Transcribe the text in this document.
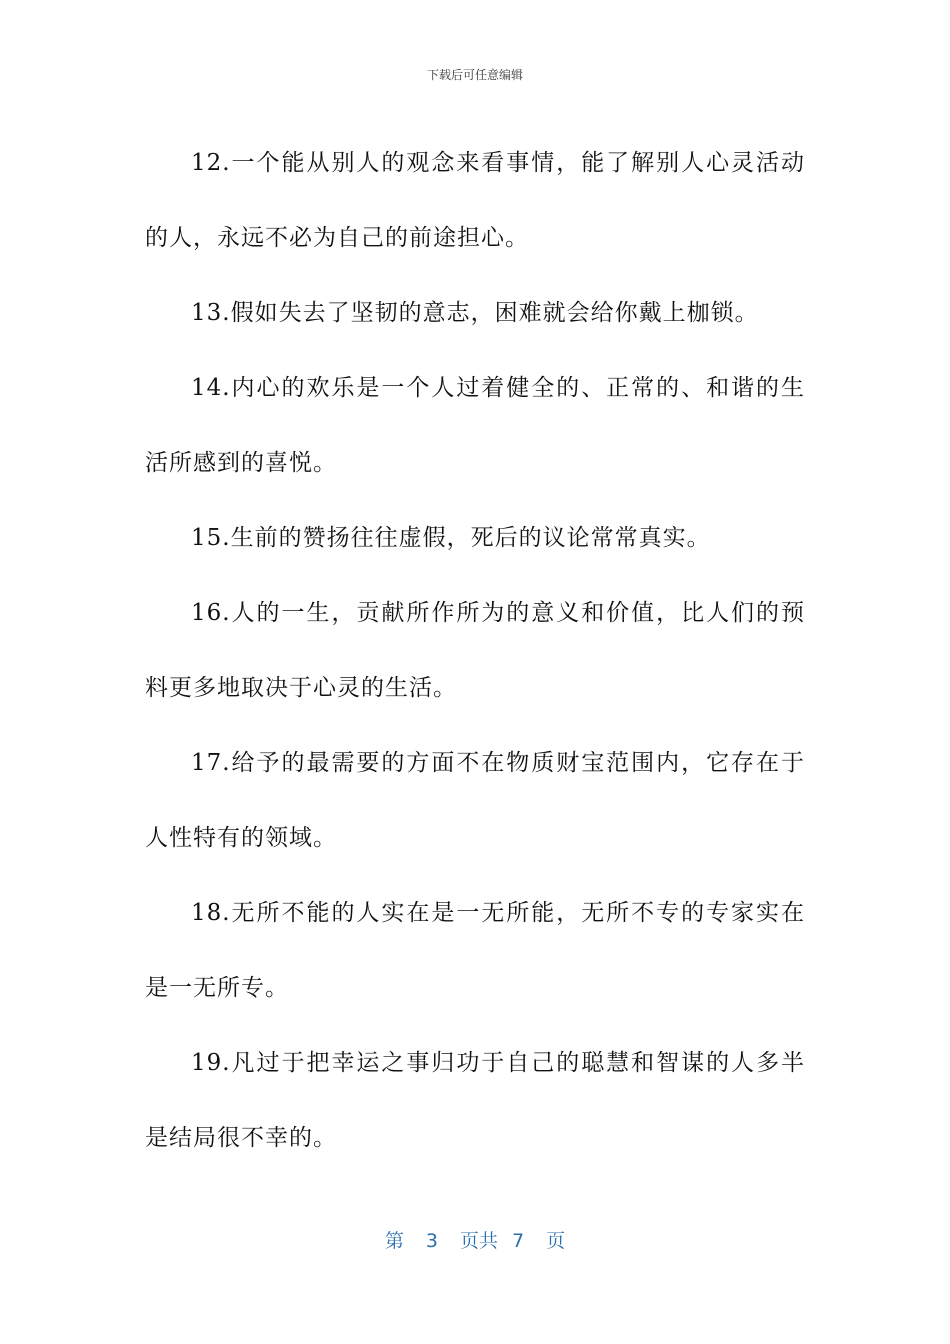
下载后可任意编辑

12.一个能从别人的观念来看事情，能了解别人心灵活动的人，永远不必为自己的前途担心。

13.假如失去了坚韧的意志，困难就会给你戴上枷锁。

14.内心的欢乐是一个人过着健全的、正常的、和谐的生活所感到的喜悦。

15.生前的赞扬往往虚假，死后的议论常常真实。

16.人的一生，贡献所作所为的意义和价值，比人们的预料更多地取决于心灵的生活。

17.给予的最需要的方面不在物质财宝范围内，它存在于人性特有的领域。

18.无所不能的人实在是一无所能，无所不专的专家实在是一无所专。

19.凡过于把幸运之事归功于自己的聪慧和智谋的人多半是结局很不幸的。

第 3 页共 7 页
